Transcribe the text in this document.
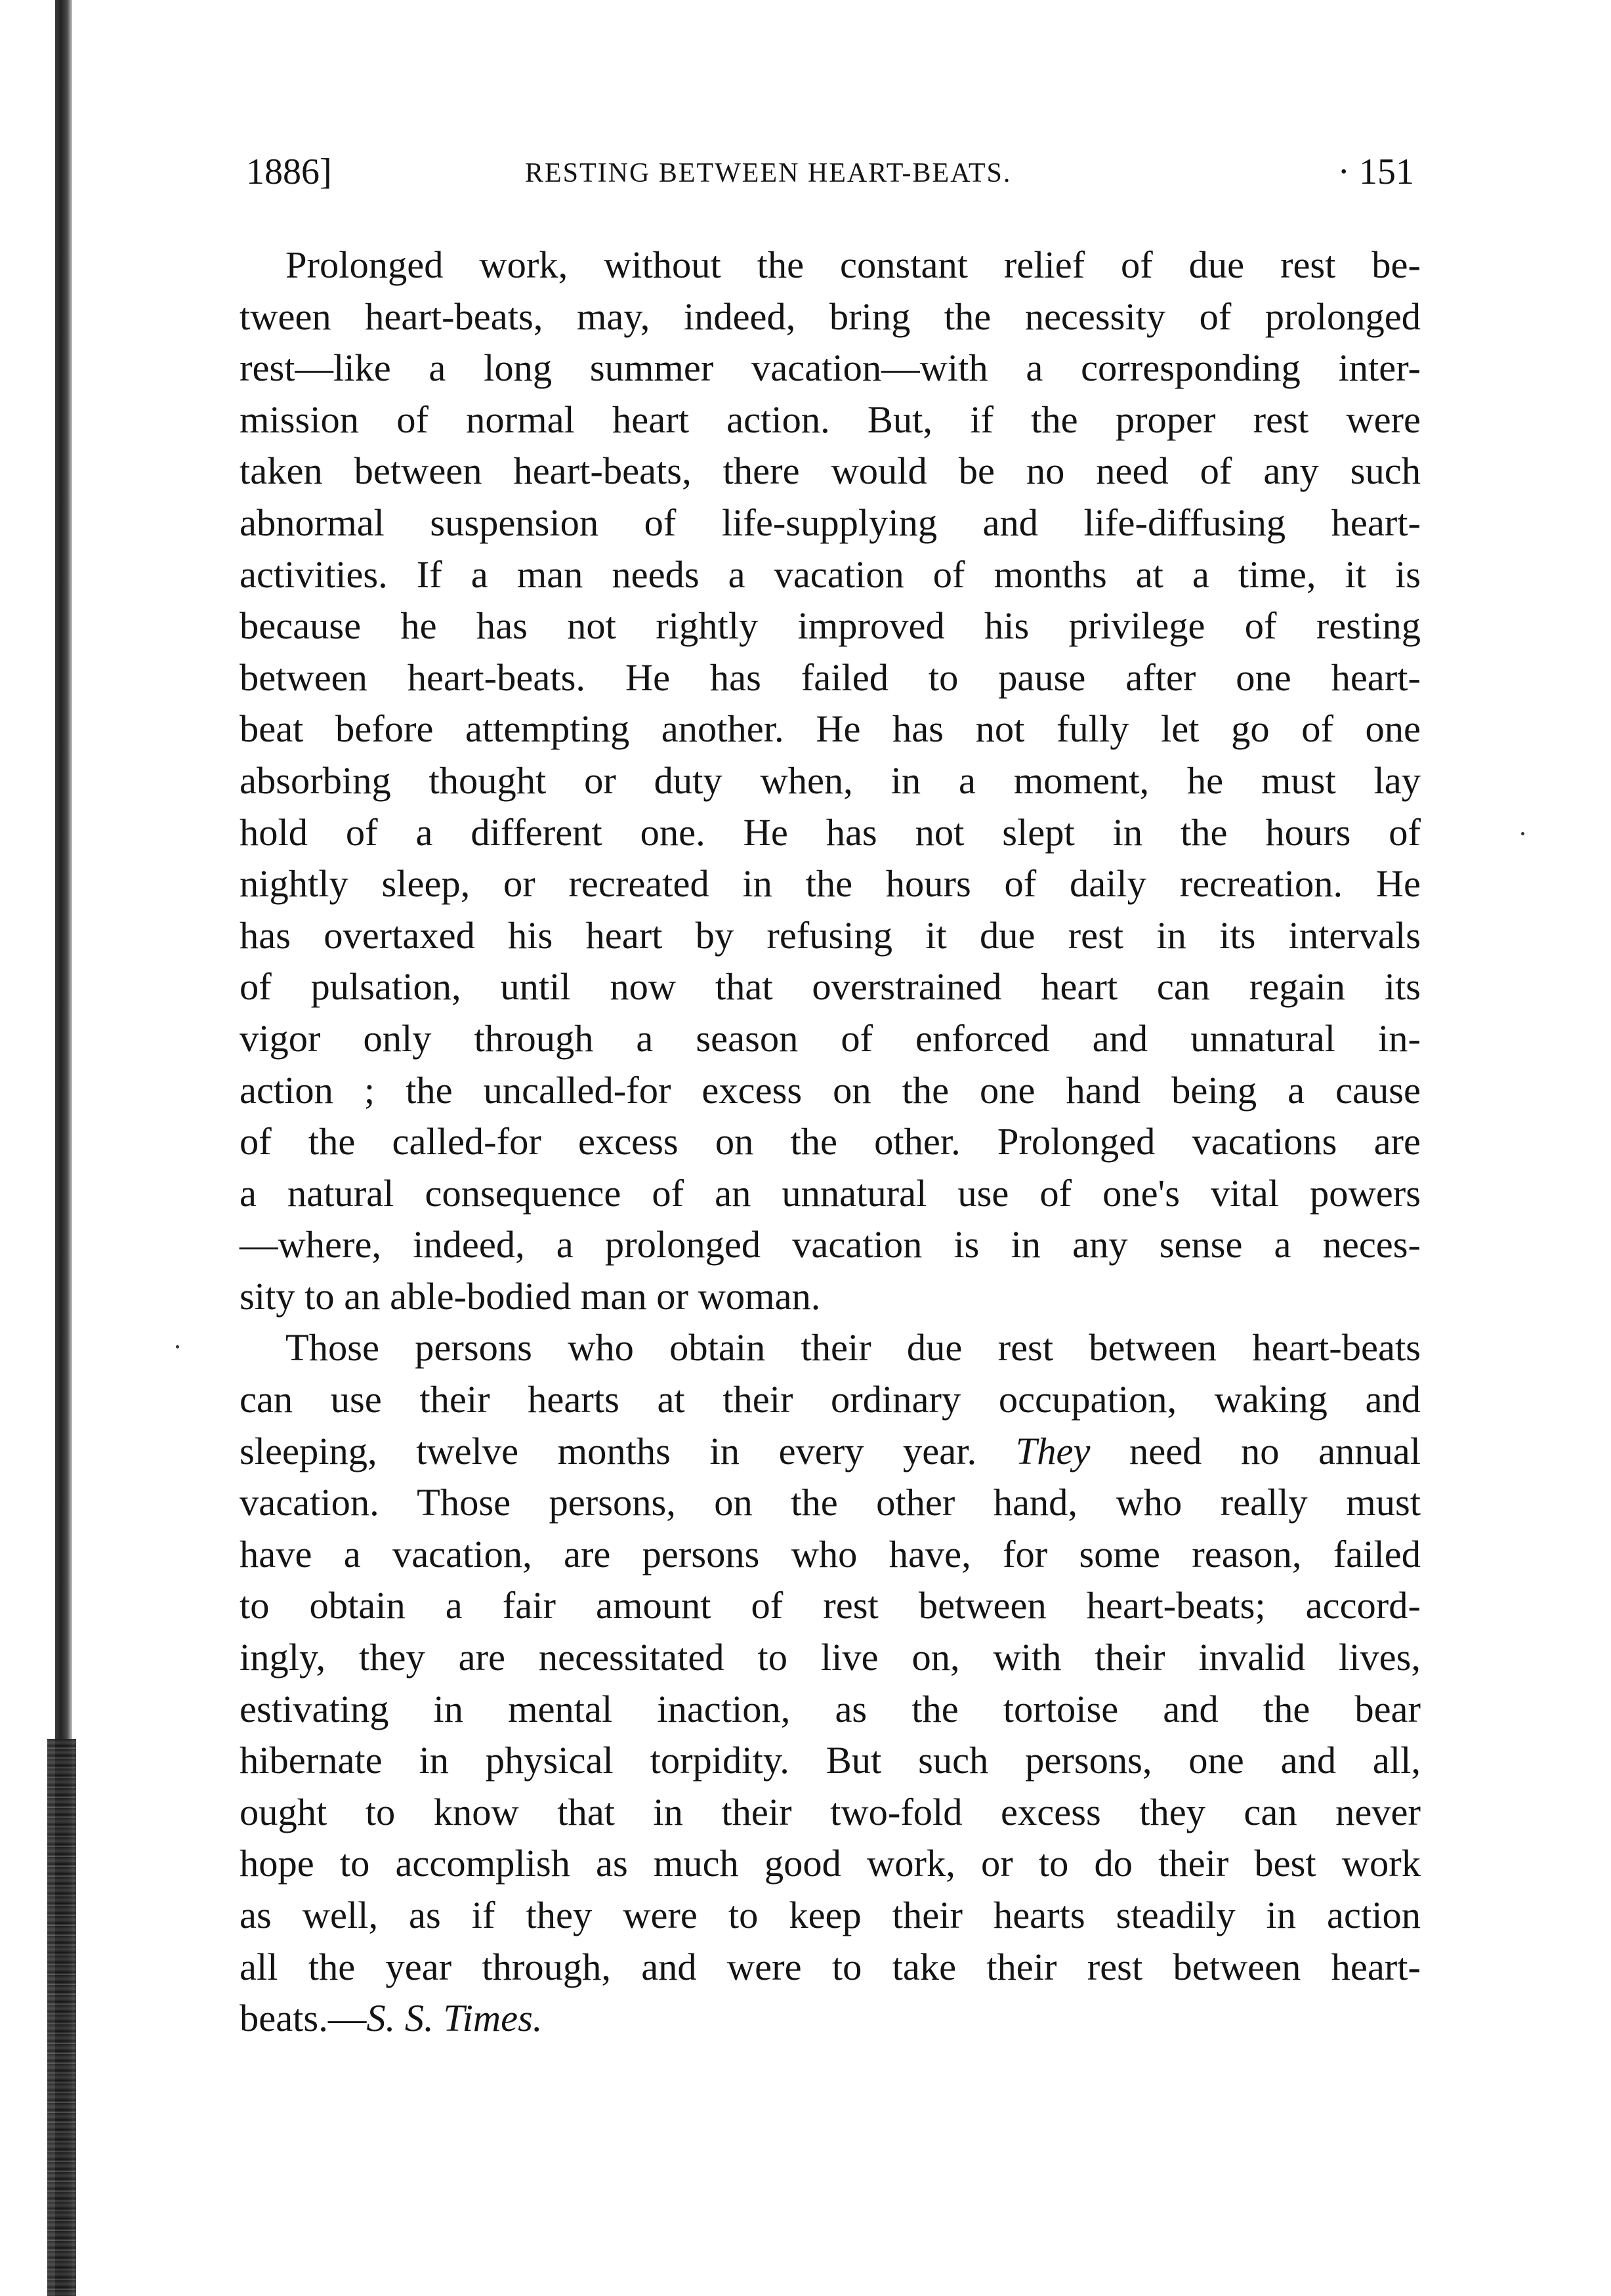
1886]	RESTING BETWEEN HEART-BEATS.	· 151
Prolonged work, without the constant relief of due rest be-
tween heart-beats, may, indeed, bring the necessity of prolonged
rest—like a long summer vacation—with a corresponding inter-
mission of normal heart action. But, if the proper rest were
taken between heart-beats, there would be no need of any such
abnormal suspension of life-supplying and life-diffusing heart-
activities. If a man needs a vacation of months at a time, it is
because he has not rightly improved his privilege of resting
between heart-beats. He has failed to pause after one heart-
beat before attempting another. He has not fully let go of one
absorbing thought or duty when, in a moment, he must lay
hold of a different one. He has not slept in the hours of
nightly sleep, or recreated in the hours of daily recreation. He
has overtaxed his heart by refusing it due rest in its intervals
of pulsation, until now that overstrained heart can regain its
vigor only through a season of enforced and unnatural in-
action ; the uncalled-for excess on the one hand being a cause
of the called-for excess on the other. Prolonged vacations are
a natural consequence of an unnatural use of one's vital powers
—where, indeed, a prolonged vacation is in any sense a neces-
sity to an able-bodied man or woman.
Those persons who obtain their due rest between heart-beats
can use their hearts at their ordinary occupation, waking and
sleeping, twelve months in every year. They need no annual
vacation. Those persons, on the other hand, who really must
have a vacation, are persons who have, for some reason, failed
to obtain a fair amount of rest between heart-beats; accord-
ingly, they are necessitated to live on, with their invalid lives,
estivating in mental inaction, as the tortoise and the bear
hibernate in physical torpidity. But such persons, one and all,
ought to know that in their two-fold excess they can never
hope to accomplish as much good work, or to do their best work
as well, as if they were to keep their hearts steadily in action
all the year through, and were to take their rest between heart-
beats.—S. S. Times.
